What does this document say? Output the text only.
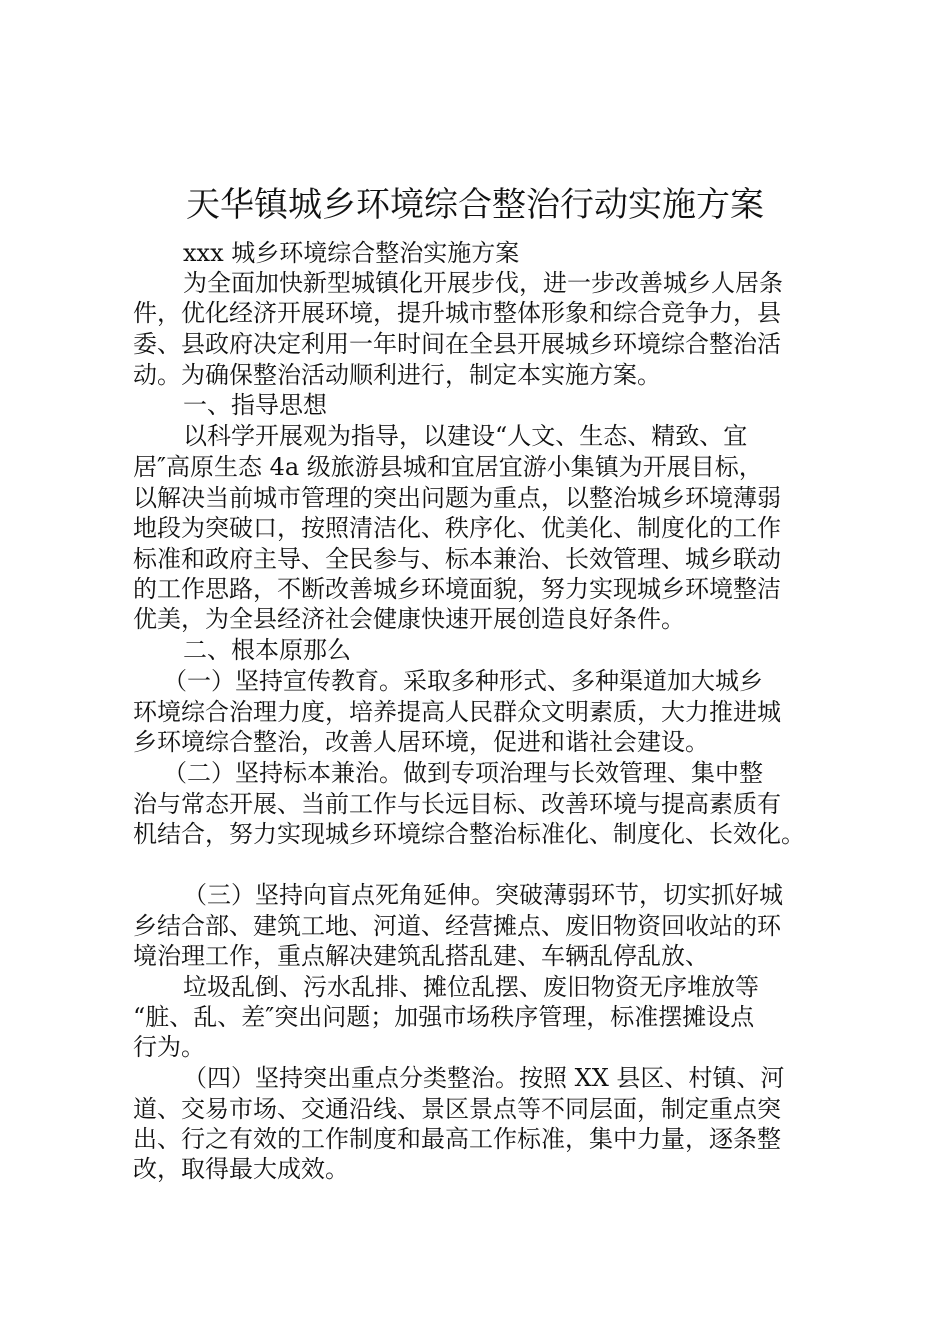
天华镇城乡环境综合整治行动实施方案

xxx 城乡环境综合整治实施方案

为全面加快新型城镇化开展步伐，进一步改善城乡人居条

件，优化经济开展环境，提升城市整体形象和综合竞争力，县

委、县政府决定利用一年时间在全县开展城乡环境综合整治活

动。为确保整治活动顺利进行，制定本实施方案。

一、指导思想

以科学开展观为指导，以建设“人文、生态、精致、宜

居″高原生态 4a 级旅游县城和宜居宜游小集镇为开展目标，

以解决当前城市管理的突出问题为重点，以整治城乡环境薄弱

地段为突破口，按照清洁化、秩序化、优美化、制度化的工作

标准和政府主导、全民参与、标本兼治、长效管理、城乡联动

的工作思路，不断改善城乡环境面貌，努力实现城乡环境整洁

优美，为全县经济社会健康快速开展创造良好条件。

二、根本原那么

（一）坚持宣传教育。采取多种形式、多种渠道加大城乡

环境综合治理力度，培养提高人民群众文明素质，大力推进城

乡环境综合整治，改善人居环境，促进和谐社会建设。

（二）坚持标本兼治。做到专项治理与长效管理、集中整

治与常态开展、当前工作与长远目标、改善环境与提高素质有

机结合，努力实现城乡环境综合整治标准化、制度化、长效化。

（三）坚持向盲点死角延伸。突破薄弱环节，切实抓好城

乡结合部、建筑工地、河道、经营摊点、废旧物资回收站的环

境治理工作，重点解决建筑乱搭乱建、车辆乱停乱放、

垃圾乱倒、污水乱排、摊位乱摆、废旧物资无序堆放等

“脏、乱、差″突出问题；加强市场秩序管理，标准摆摊设点

行为。

（四）坚持突出重点分类整治。按照 XX 县区、村镇、河

道、交易市场、交通沿线、景区景点等不同层面，制定重点突

出、行之有效的工作制度和最高工作标准，集中力量，逐条整

改，取得最大成效。
